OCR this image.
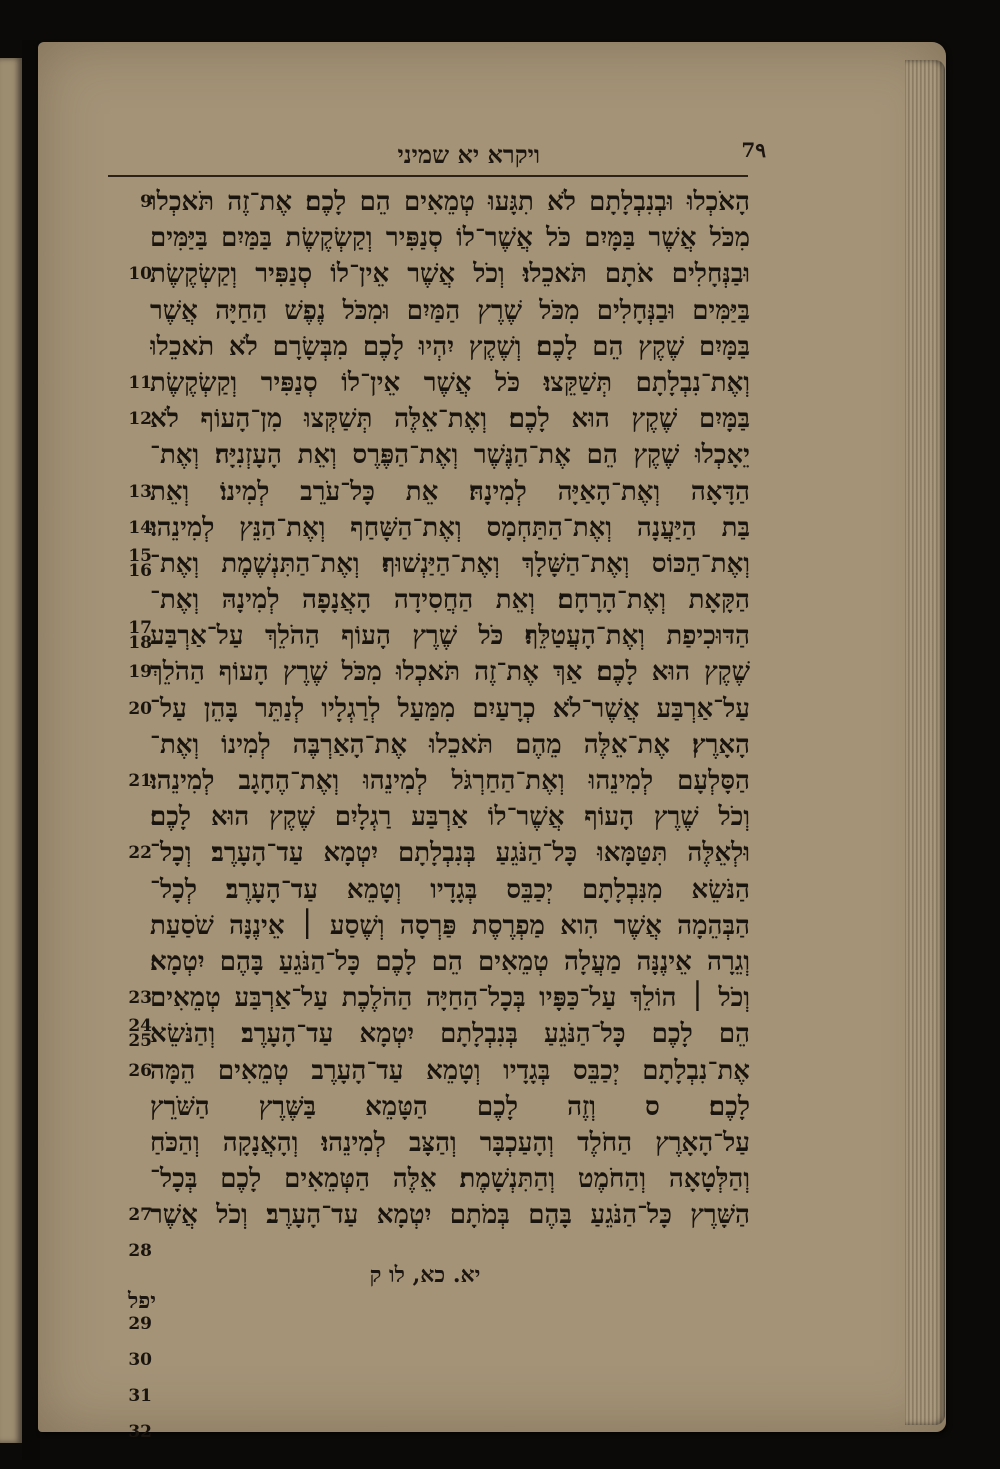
ויקרא יא שמיני	7٩
הָאֹכְלוּ וּבְנִבְלָתָם לֹא תִגָּעוּ טְמֵאִים הֵם לָכֶם׃ אֶת־זֶה תֹּאכְלוּ
מִכֹּל אֲשֶׁר בַּמָּיִם כֹּל אֲשֶׁר־לוֹ סְנַפִּיר וְקַשְׂקֶשֶׂת בַּמַּיִם בַּיַּמִּים
וּבַנְּחָלִים אֹתָם תֹּאכֵלוּ׃ וְכֹל אֲשֶׁר אֵין־לוֹ סְנַפִּיר וְקַשְׂקֶשֶׂת
בַּיַּמִּים וּבַנְּחָלִים מִכֹּל שֶׁרֶץ הַמַּיִם וּמִכֹּל נֶפֶשׁ הַחַיָּה אֲשֶׁר
בַּמָּיִם שֶׁקֶץ הֵם לָכֶם׃ וְשֶׁקֶץ יִהְיוּ לָכֶם מִבְּשָׂרָם לֹא תֹאכֵלוּ
וְאֶת־נִבְלָתָם תְּשַׁקֵּצוּ׃ כֹּל אֲשֶׁר אֵין־לוֹ סְנַפִּיר וְקַשְׂקֶשֶׂת
בַּמָּיִם שֶׁקֶץ הוּא לָכֶם׃ וְאֶת־אֵלֶּה תְּשַׁקְּצוּ מִן־הָעוֹף לֹא
יֵאָכְלוּ שֶׁקֶץ הֵם אֶת־הַנֶּשֶׁר וְאֶת־הַפֶּרֶס וְאֵת הָעָזְנִיָּה׃ וְאֶת־
הַדָּאָה וְאֶת־הָאַיָּה לְמִינָהּ׃ אֵת כָּל־עֹרֵב לְמִינוֹ׃ וְאֵת
בַּת הַיַּעֲנָה וְאֶת־הַתַּחְמָס וְאֶת־הַשָּׁחַף וְאֶת־הַנֵּץ לְמִינֵהוּ׃
וְאֶת־הַכּוֹס וְאֶת־הַשָּׁלָךְ וְאֶת־הַיַּנְשׁוּף׃ וְאֶת־הַתִּנְשֶׁמֶת וְאֶת־
הַקָּאָת וְאֶת־הָרָחָם׃ וְאֵת הַחֲסִידָה הָאֲנָפָה לְמִינָהּ וְאֶת־
הַדּוּכִיפַת וְאֶת־הָעֲטַלֵּף׃ כֹּל שֶׁרֶץ הָעוֹף הַהֹלֵךְ עַל־אַרְבַּע
שֶׁקֶץ הוּא לָכֶם׃ אַךְ אֶת־זֶה תֹּאכְלוּ מִכֹּל שֶׁרֶץ הָעוֹף הַהֹלֵךְ
עַל־אַרְבַּע אֲשֶׁר־לֹא כְרָעַיִם מִמַּעַל לְרַגְלָיו לְנַתֵּר בָּהֵן עַל־
הָאָרֶץ׃ אֶת־אֵלֶּה מֵהֶם תֹּאכֵלוּ אֶת־הָאַרְבֶּה לְמִינוֹ וְאֶת־
הַסָּלְעָם לְמִינֵהוּ וְאֶת־הַחַרְגֹּל לְמִינֵהוּ וְאֶת־הֶחָגָב לְמִינֵהוּ׃
וְכֹל שֶׁרֶץ הָעוֹף אֲשֶׁר־לוֹ אַרְבַּע רַגְלָיִם שֶׁקֶץ הוּא לָכֶם׃
וּלְאֵלֶּה תִּטַּמָּאוּ כָּל־הַנֹּגֵעַ בְּנִבְלָתָם יִטְמָא עַד־הָעָרֶב׃ וְכָל־
הַנֹּשֵׂא מִנִּבְלָתָם יְכַבֵּס בְּגָדָיו וְטָמֵא עַד־הָעָרֶב׃ לְכָל־
הַבְּהֵמָה אֲשֶׁר הִוא מַפְרֶסֶת פַּרְסָה וְשֶׁסַע ׀ אֵינֶנָּה שֹׁסַעַת
וְגֵרָה אֵינֶנָּה מַעֲלָה טְמֵאִים הֵם לָכֶם כָּל־הַנֹּגֵעַ בָּהֶם יִטְמָא׃
וְכֹל ׀ הוֹלֵךְ עַל־כַּפָּיו בְּכָל־הַחַיָּה הַהֹלֶכֶת עַל־אַרְבַּע טְמֵאִים
הֵם לָכֶם כָּל־הַנֹּגֵעַ בְּנִבְלָתָם יִטְמָא עַד־הָעָרֶב׃ וְהַנֹּשֵׂא
אֶת־נִבְלָתָם יְכַבֵּס בְּגָדָיו וְטָמֵא עַד־הָעָרֶב טְמֵאִים הֵמָּה
לָכֶם׃ ס וְזֶה לָכֶם הַטָּמֵא בַּשֶּׁרֶץ הַשֹּׁרֵץ
עַל־הָאָרֶץ הַחֹלֶד וְהָעַכְבָּר וְהַצָּב לְמִינֵהוּ׃ וְהָאֲנָקָה וְהַכֹּחַ
וְהַלְּטָאָה וְהַחֹמֶט וְהַתִּנְשָׁמֶת׃ אֵלֶּה הַטְּמֵאִים לָכֶם בְּכָל־
הַשָּׁרֶץ כָּל־הַנֹּגֵעַ בָּהֶם בְּמֹתָם יִטְמָא עַד־הָעָרֶב׃ וְכֹל אֲשֶׁר
9
10
11
12
13
14
15
16
17
18
19
20
21
22
23
24
25
26
27
28
29
30
31
32
יא. כא, לו ק
יפל
